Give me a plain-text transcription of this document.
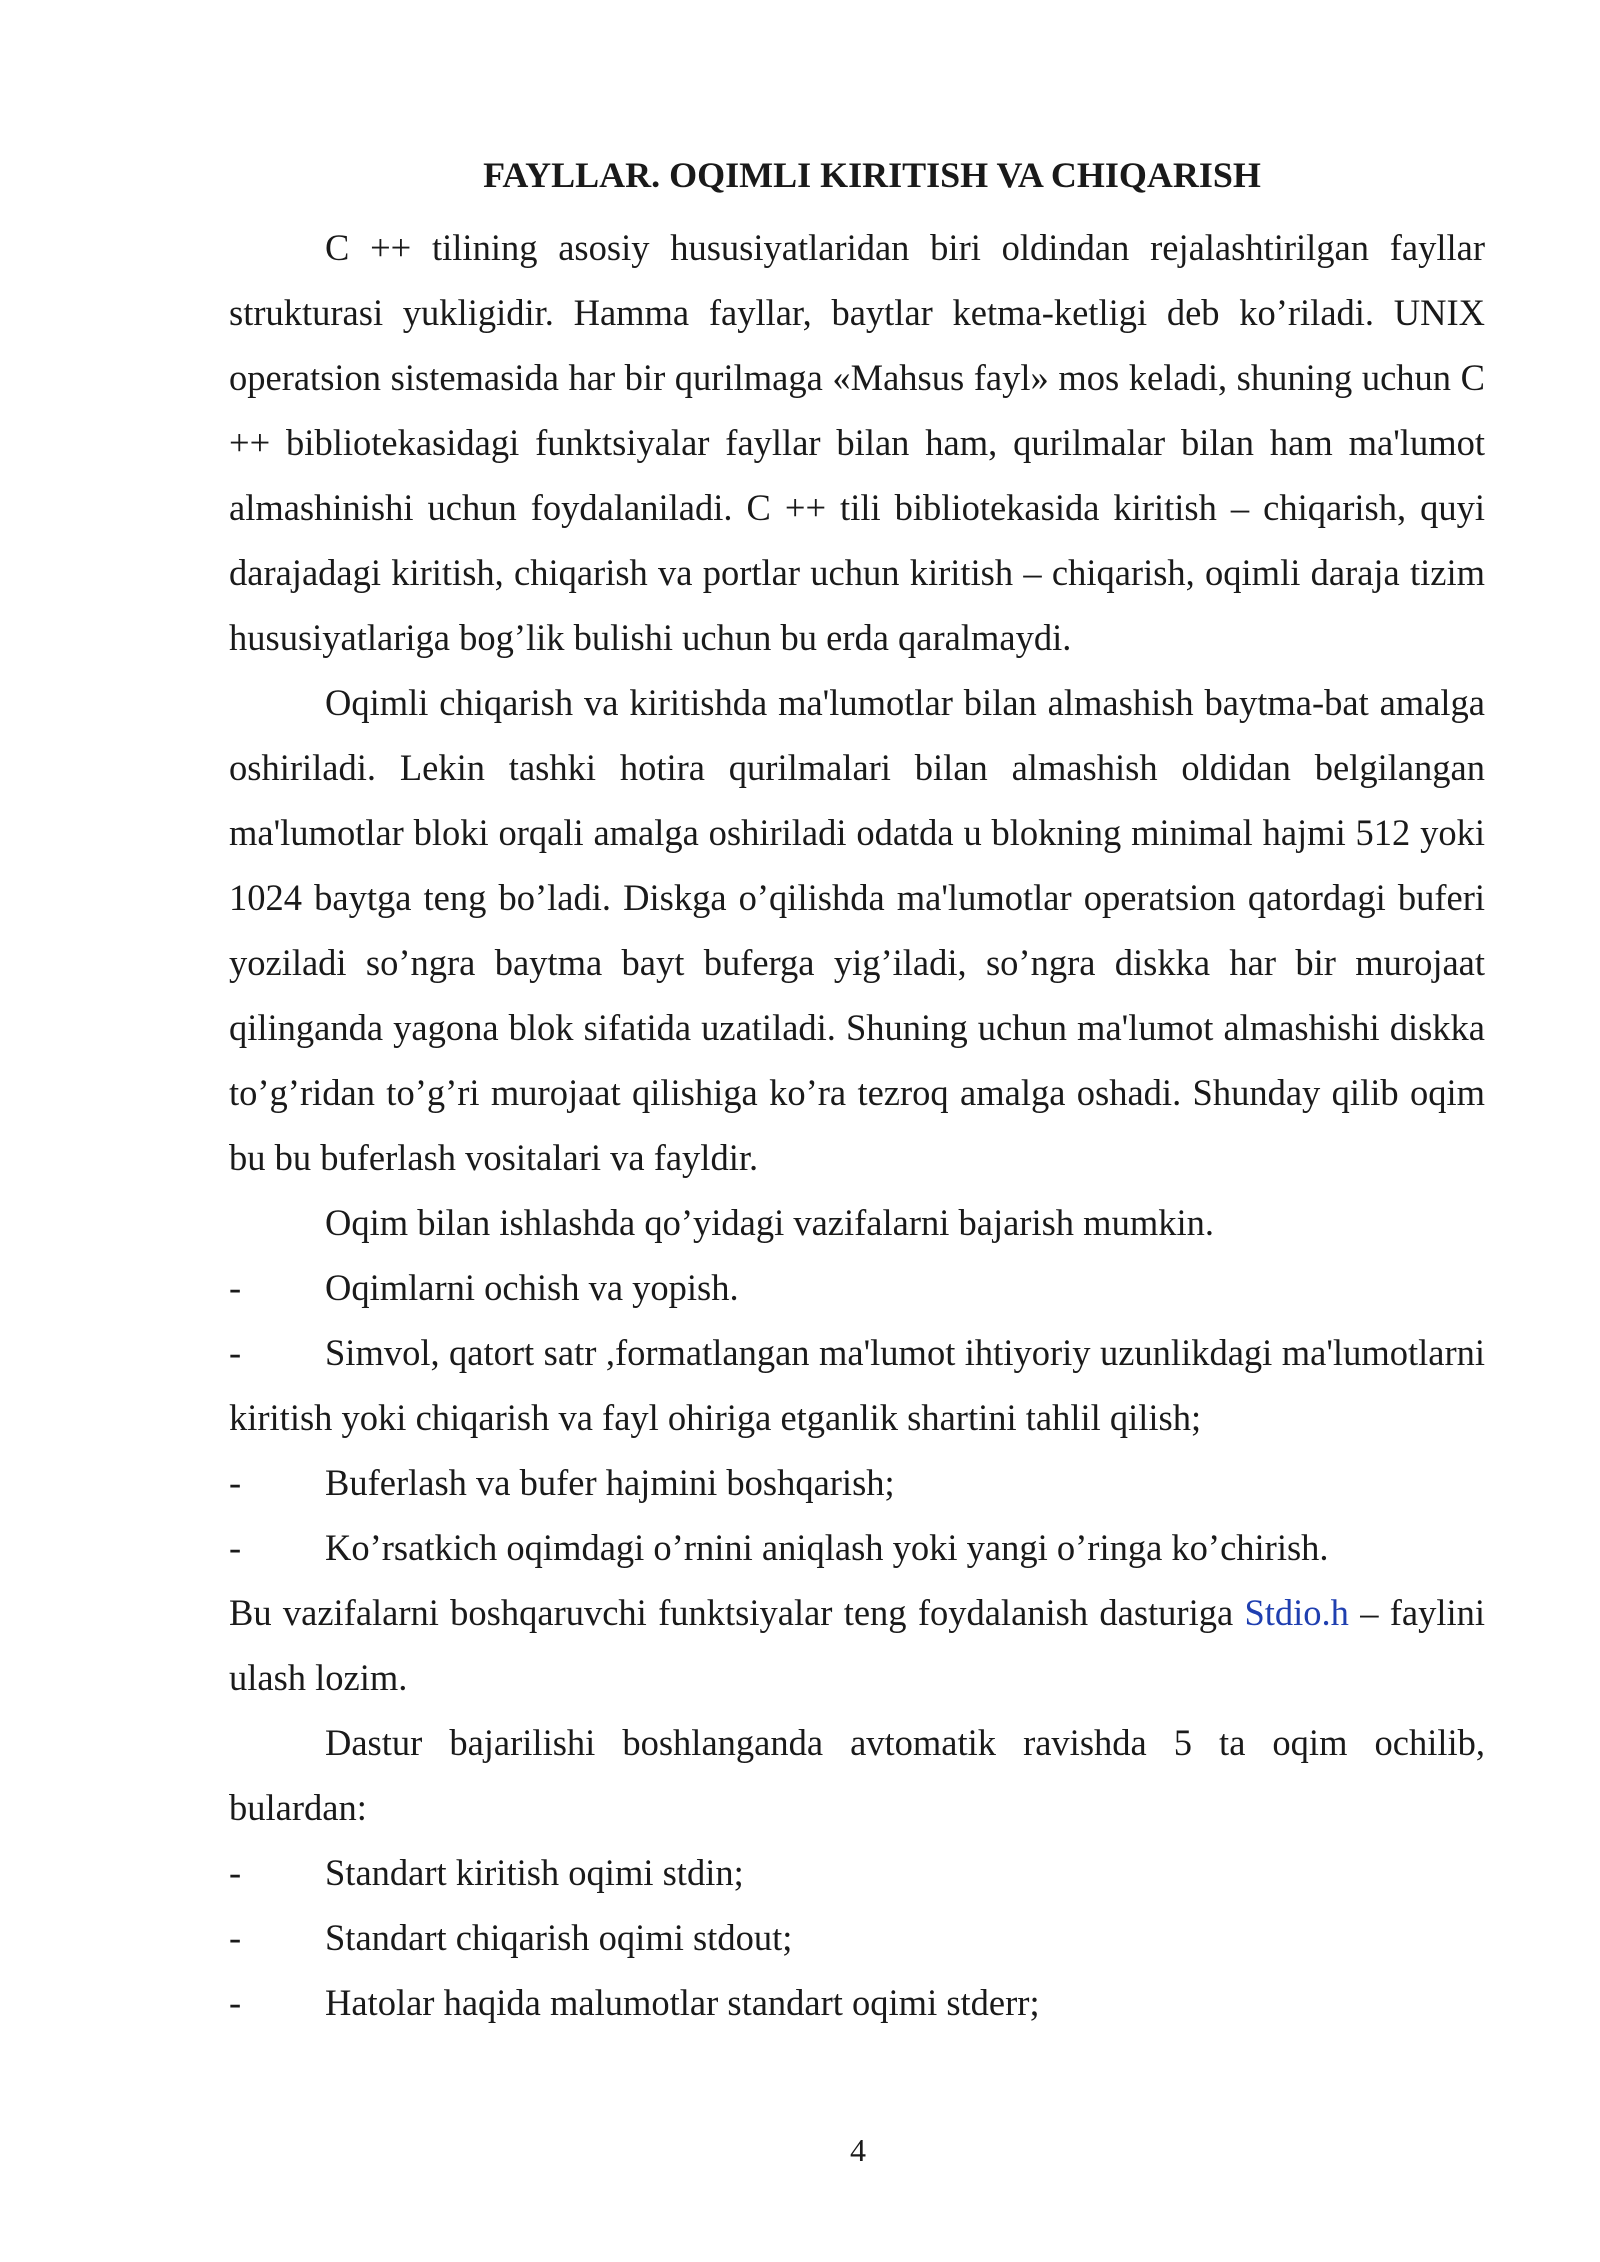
FAYLLAR. OQIMLI KIRITISH VA CHIQARISH

C ++ tilining asosiy hususiyatlaridan biri oldindan rejalashtirilgan fayllar strukturasi yukligidir. Hamma fayllar, baytlar ketma-ketligi deb ko’riladi. UNIX operatsion sistemasida har bir qurilmaga «Mahsus fayl» mos keladi, shuning uchun C ++ bibliotekasidagi funktsiyalar fayllar bilan ham, qurilmalar bilan ham ma'lumot almashinishi uchun foydalaniladi. C ++ tili bibliotekasida kiritish – chiqarish, quyi darajadagi kiritish, chiqarish va portlar uchun kiritish – chiqarish, oqimli daraja tizim hususiyatlariga bog’lik bulishi uchun bu erda qaralmaydi.

Oqimli chiqarish va kiritishda ma'lumotlar bilan almashish baytma-bat amalga oshiriladi. Lekin tashki hotira qurilmalari bilan almashish oldidan belgilangan ma'lumotlar bloki orqali amalga oshiriladi odatda u blokning minimal hajmi 512 yoki 1024 baytga teng bo’ladi. Diskga o’qilishda ma'lumotlar operatsion qatordagi buferi yoziladi so’ngra baytma bayt buferga yig’iladi, so’ngra diskka har bir murojaat qilinganda yagona blok sifatida uzatiladi. Shuning uchun ma'lumot almashishi diskka to’g’ridan to’g’ri murojaat qilishiga ko’ra tezroq amalga oshadi. Shunday qilib oqim bu bu buferlash vositalari va fayldir.

Oqim bilan ishlashda qo’yidagi vazifalarni bajarish mumkin.

- Oqimlarni ochish va yopish.
- Simvol, qatort satr ,formatlangan ma'lumot ihtiyoriy uzunlikdagi ma'lumotlarni kiritish yoki chiqarish va fayl ohiriga etganlik shartini tahlil qilish;
- Buferlash va bufer hajmini boshqarish;
- Ko’rsatkich oqimdagi o’rnini aniqlash yoki yangi o’ringa ko’chirish.

Bu vazifalarni boshqaruvchi funktsiyalar teng foydalanish dasturiga Stdio.h – faylini ulash lozim.

Dastur bajarilishi boshlanganda avtomatik ravishda 5 ta oqim ochilib, bulardan:

- Standart kiritish oqimi stdin;
- Standart chiqarish oqimi stdout;
- Hatolar haqida malumotlar standart oqimi stderr;
4
